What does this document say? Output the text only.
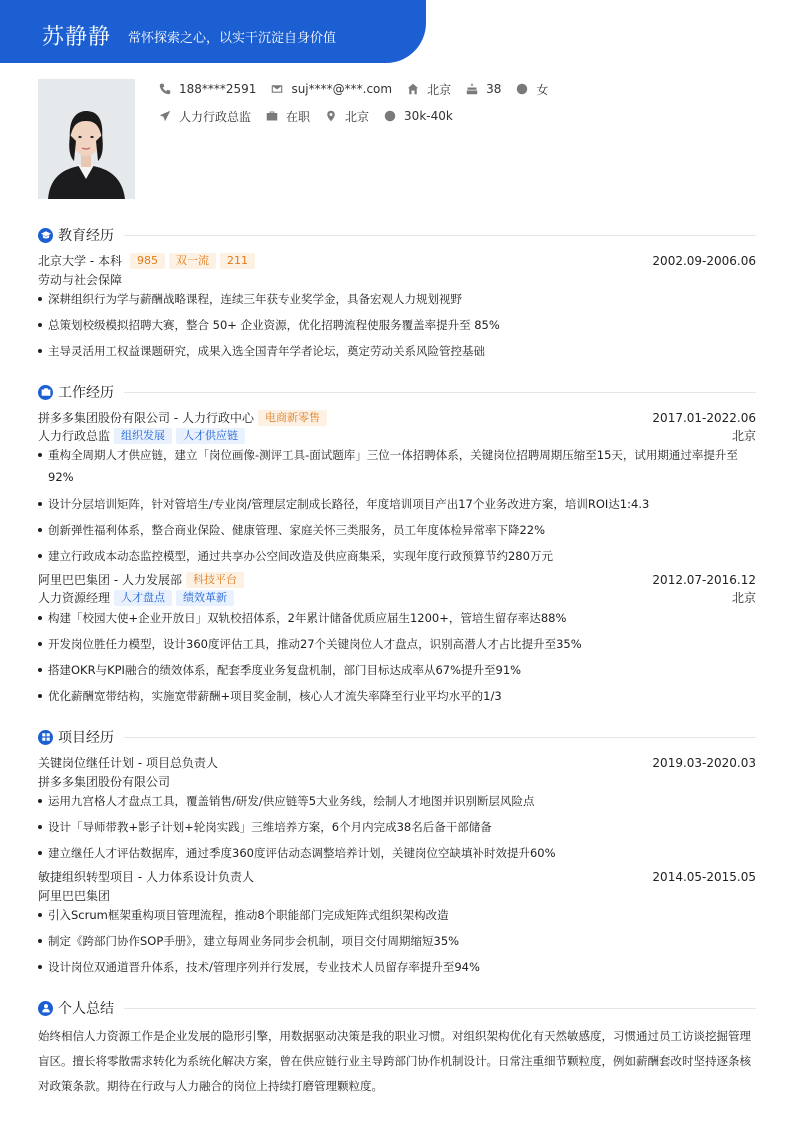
苏静静 常怀探索之心，以实干沉淀自身价值
188****2591	suj****@***.com	北京	38	女
人力行政总监	在职	北京	30k-40k
教育经历
北京大学 - 本科	985	双一流	211	2002.09-2006.06
劳动与社会保障
深耕组织行为学与薪酬战略课程，连续三年获专业奖学金，具备宏观人力规划视野
总策划校级模拟招聘大赛，整合 50+ 企业资源，优化招聘流程使服务覆盖率提升至 85%
主导灵活用工权益课题研究，成果入选全国青年学者论坛，奠定劳动关系风险管控基础
工作经历
拼多多集团股份有限公司 - 人力行政中心	电商新零售	2017.01-2022.06
人力行政总监	组织发展	人才供应链	北京
重构全周期人才供应链，建立「岗位画像-测评工具-面试题库」三位一体招聘体系，关键岗位招聘周期压缩至15天，试用期通过率提升至92%
设计分层培训矩阵，针对管培生/专业岗/管理层定制成长路径，年度培训项目产出17个业务改进方案，培训ROI达1:4.3
创新弹性福利体系，整合商业保险、健康管理、家庭关怀三类服务，员工年度体检异常率下降22%
建立行政成本动态监控模型，通过共享办公空间改造及供应商集采，实现年度行政预算节约280万元
阿里巴巴集团 - 人力发展部	科技平台	2012.07-2016.12
人力资源经理	人才盘点	绩效革新	北京
构建「校园大使+企业开放日」双轨校招体系，2年累计储备优质应届生1200+，管培生留存率达88%
开发岗位胜任力模型，设计360度评估工具，推动27个关键岗位人才盘点，识别高潜人才占比提升至35%
搭建OKR与KPI融合的绩效体系，配套季度业务复盘机制，部门目标达成率从67%提升至91%
优化薪酬宽带结构，实施宽带薪酬+项目奖金制，核心人才流失率降至行业平均水平的1/3
项目经历
关键岗位继任计划 - 项目总负责人	2019.03-2020.03
拼多多集团股份有限公司
运用九宫格人才盘点工具，覆盖销售/研发/供应链等5大业务线，绘制人才地图并识别断层风险点
设计「导师带教+影子计划+轮岗实践」三维培养方案，6个月内完成38名后备干部储备
建立继任人才评估数据库，通过季度360度评估动态调整培养计划，关键岗位空缺填补时效提升60%
敏捷组织转型项目 - 人力体系设计负责人	2014.05-2015.05
阿里巴巴集团
引入Scrum框架重构项目管理流程，推动8个职能部门完成矩阵式组织架构改造
制定《跨部门协作SOP手册》，建立每周业务同步会机制，项目交付周期缩短35%
设计岗位双通道晋升体系，技术/管理序列并行发展，专业技术人员留存率提升至94%
个人总结
始终相信人力资源工作是企业发展的隐形引擎，用数据驱动决策是我的职业习惯。对组织架构优化有天然敏感度，习惯通过员工访谈挖掘管理盲区。擅长将零散需求转化为系统化解决方案，曾在供应链行业主导跨部门协作机制设计。日常注重细节颗粒度，例如薪酬套改时坚持逐条核对政策条款。期待在行政与人力融合的岗位上持续打磨管理颗粒度。
